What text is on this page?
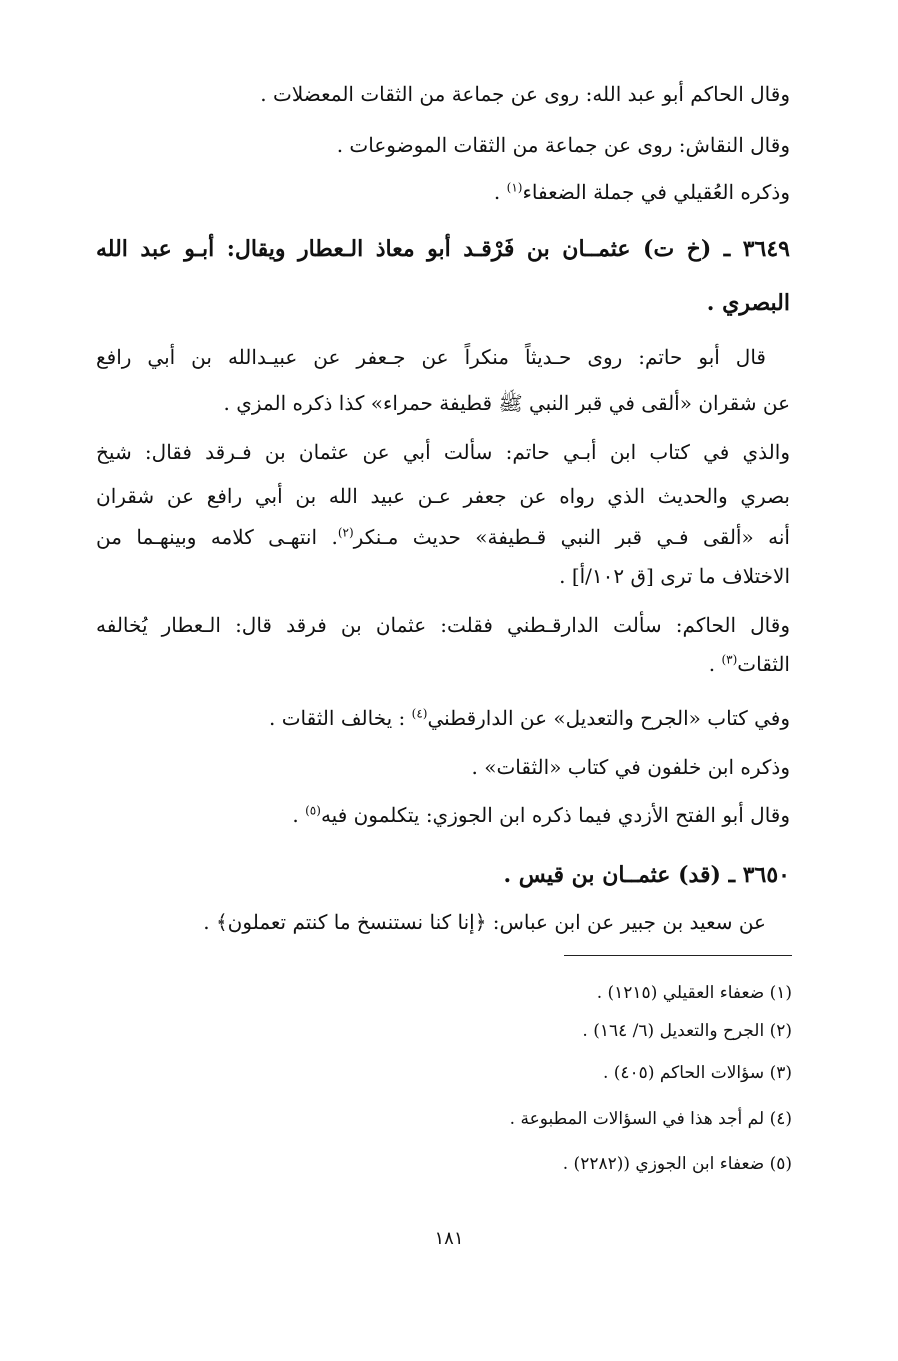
وقال الحاكم أبو عبد الله: روى عن جماعة من الثقات المعضلات .

وقال النقاش: روى عن جماعة من الثقات الموضوعات .

وذكره العُقيلي في جملة الضعفاء$^{(١)}$ .

٣٦٤٩ ـ (خ ت) عثمــان بن فَرْقـد أبو معاذ الـعطار ويقال: أبـو عبد الله

البصري .

قال أبو حاتم: روى حـديثاً منكراً عن جـعفر عن عبيـدالله بن أبي رافع

عن شقران «ألقى في قبر النبي ﷺ قطيفة حمراء» كذا ذكره المزي .

والذي في كتاب ابن أبـي حاتم: سألت أبي عن عثمان بن فـرقد فقال: شيخ

بصري والحديث الذي رواه عن جعفر عـن عبيد الله بن أبي رافع عن شقران

أنه «ألقى فـي قبر النبي قـطيفة» حديث مـنكر$^{(٢)}$. انتهـى كلامه وبينهـما من

الاختلاف ما ترى [ق ١٠٢/أ] .

وقال الحاكم: سألت الدارقـطني فقلت: عثمان بن فرقد قال: الـعطار يُخالفه

الثقات$^{(٣)}$ .

وفي كتاب «الجرح والتعديل» عن الدارقطني$^{(٤)}$ : يخالف الثقات .

وذكره ابن خلفون في كتاب «الثقات» .

وقال أبو الفتح الأزدي فيما ذكره ابن الجوزي: يتكلمون فيه$^{(٥)}$ .

٣٦٥٠ ـ (قد) عثمــان بن قيس .

عن سعيد بن جبير عن ابن عباس: ﴿إنا كنا نستنسخ ما كنتم تعملون﴾ .

(١) ضعفاء العقيلي (١٢١٥) .

(٢) الجرح والتعديل (٦/ ١٦٤) .

(٣) سؤالات الحاكم (٤٠٥) .

(٤) لم أجد هذا في السؤالات المطبوعة .

(٥) ضعفاء ابن الجوزي ((٢٢٨٢) .

١٨١
